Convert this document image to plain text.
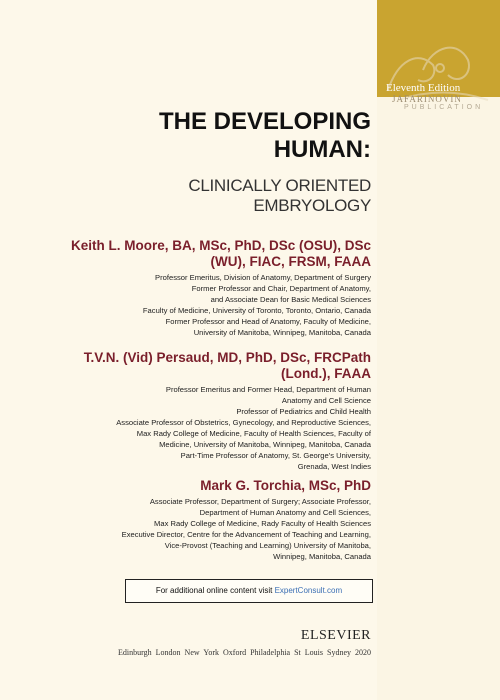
Eleventh Edition
JAFARINOVIN
PUBLICATION
THE DEVELOPING
HUMAN:
CLINICALLY ORIENTED
EMBRYOLOGY
Keith L. Moore, BA, MSc, PhD, DSc (OSU), DSc
(WU), FIAC, FRSM, FAAA
Professor Emeritus, Division of Anatomy, Department of Surgery
Former Professor and Chair, Department of Anatomy,
and Associate Dean for Basic Medical Sciences
Faculty of Medicine, University of Toronto, Toronto, Ontario, Canada
Former Professor and Head of Anatomy, Faculty of Medicine,
University of Manitoba, Winnipeg, Manitoba, Canada
T.V.N. (Vid) Persaud, MD, PhD, DSc, FRCPath
(Lond.), FAAA
Professor Emeritus and Former Head, Department of Human
Anatomy and Cell Science
Professor of Pediatrics and Child Health
Associate Professor of Obstetrics, Gynecology, and Reproductive Sciences,
Max Rady College of Medicine, Faculty of Health Sciences, Faculty of
Medicine, University of Manitoba, Winnipeg, Manitoba, Canada
Part-Time Professor of Anatomy, St. George's University,
Grenada, West Indies
Mark G. Torchia, MSc, PhD
Associate Professor, Department of Surgery; Associate Professor,
Department of Human Anatomy and Cell Sciences,
Max Rady College of Medicine, Rady Faculty of Health Sciences
Executive Director, Centre for the Advancement of Teaching and Learning,
Vice-Provost (Teaching and Learning) University of Manitoba,
Winnipeg, Manitoba, Canada
For additional online content visit ExpertConsult.com
ELSEVIER
Edinburgh London New York Oxford Philadelphia St Louis Sydney 2020
